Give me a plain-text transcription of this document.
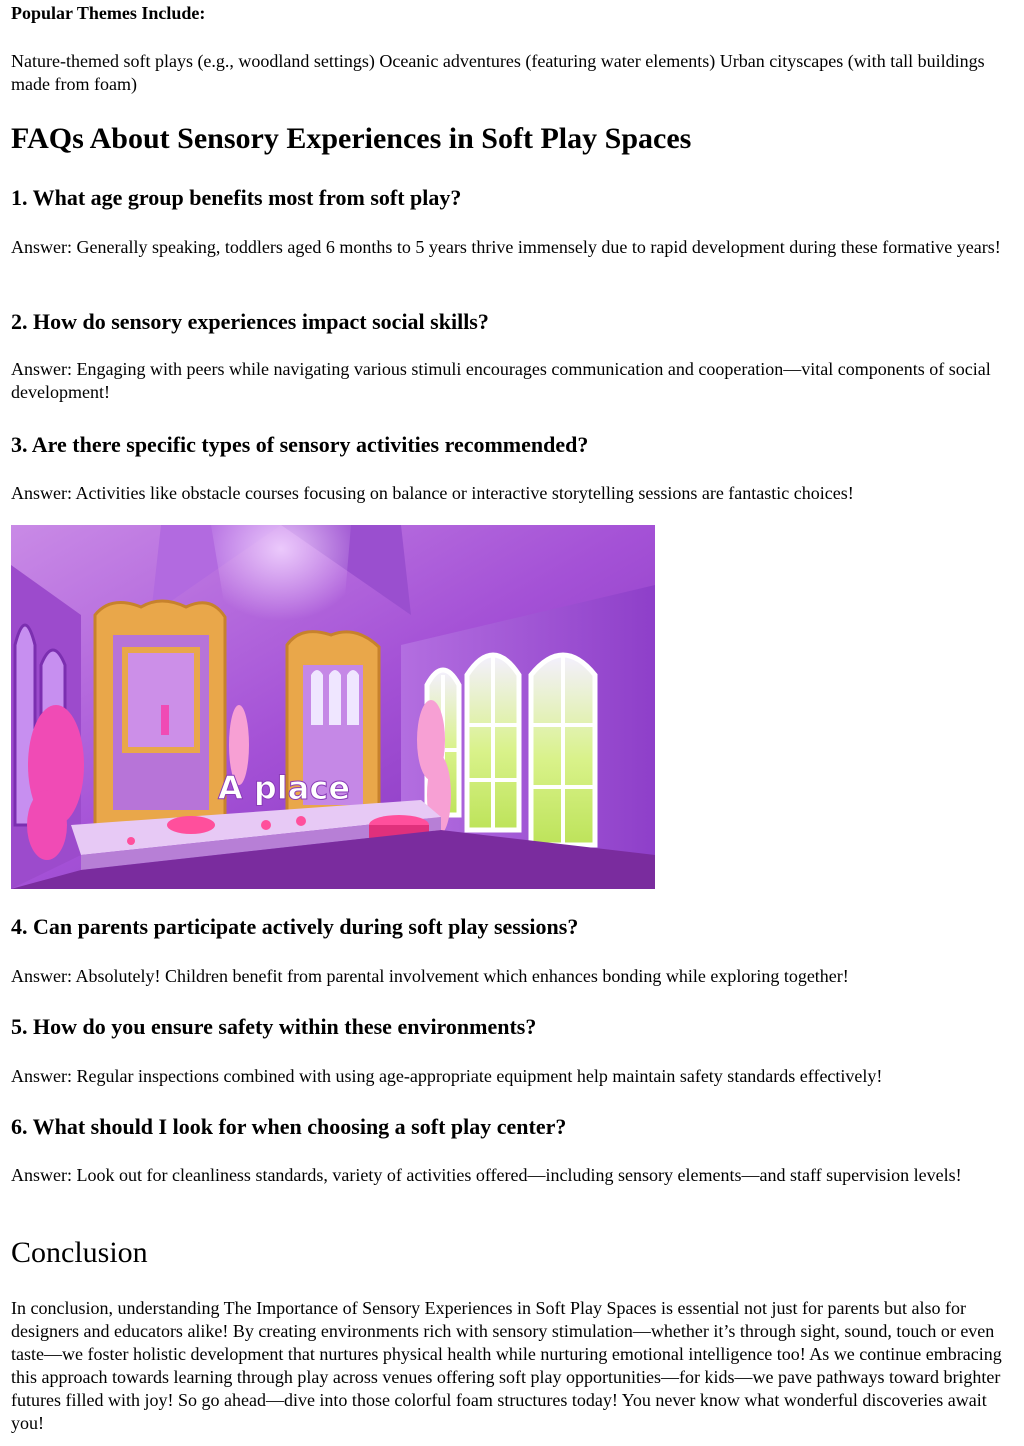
Popular Themes Include:

Nature-themed soft plays (e.g., woodland settings) Oceanic adventures (featuring water elements) Urban cityscapes (with tall buildings made from foam)

FAQs About Sensory Experiences in Soft Play Spaces
1. What age group benefits most from soft play?

Answer: Generally speaking, toddlers aged 6 months to 5 years thrive immensely due to rapid development during these formative years!

2. How do sensory experiences impact social skills?

Answer: Engaging with peers while navigating various stimuli encourages communication and cooperation—vital components of social development!

3. Are there specific types of sensory activities recommended?

Answer: Activities like obstacle courses focusing on balance or interactive storytelling sessions are fantastic choices!

A place
4. Can parents participate actively during soft play sessions?

Answer: Absolutely! Children benefit from parental involvement which enhances bonding while exploring together!

5. How do you ensure safety within these environments?

Answer: Regular inspections combined with using age-appropriate equipment help maintain safety standards effectively!

6. What should I look for when choosing a soft play center?

Answer: Look out for cleanliness standards, variety of activities offered—including sensory elements—and staff supervision levels!

Conclusion

In conclusion, understanding The Importance of Sensory Experiences in Soft Play Spaces is essential not just for parents but also for designers and educators alike! By creating environments rich with sensory stimulation—whether it’s through sight, sound, touch or even taste—we foster holistic development that nurtures physical health while nurturing emotional intelligence too! As we continue embracing this approach towards learning through play across venues offering soft play opportunities—for kids—we pave pathways toward brighter futures filled with joy! So go ahead—dive into those colorful foam structures today! You never know what wonderful discoveries await you!
